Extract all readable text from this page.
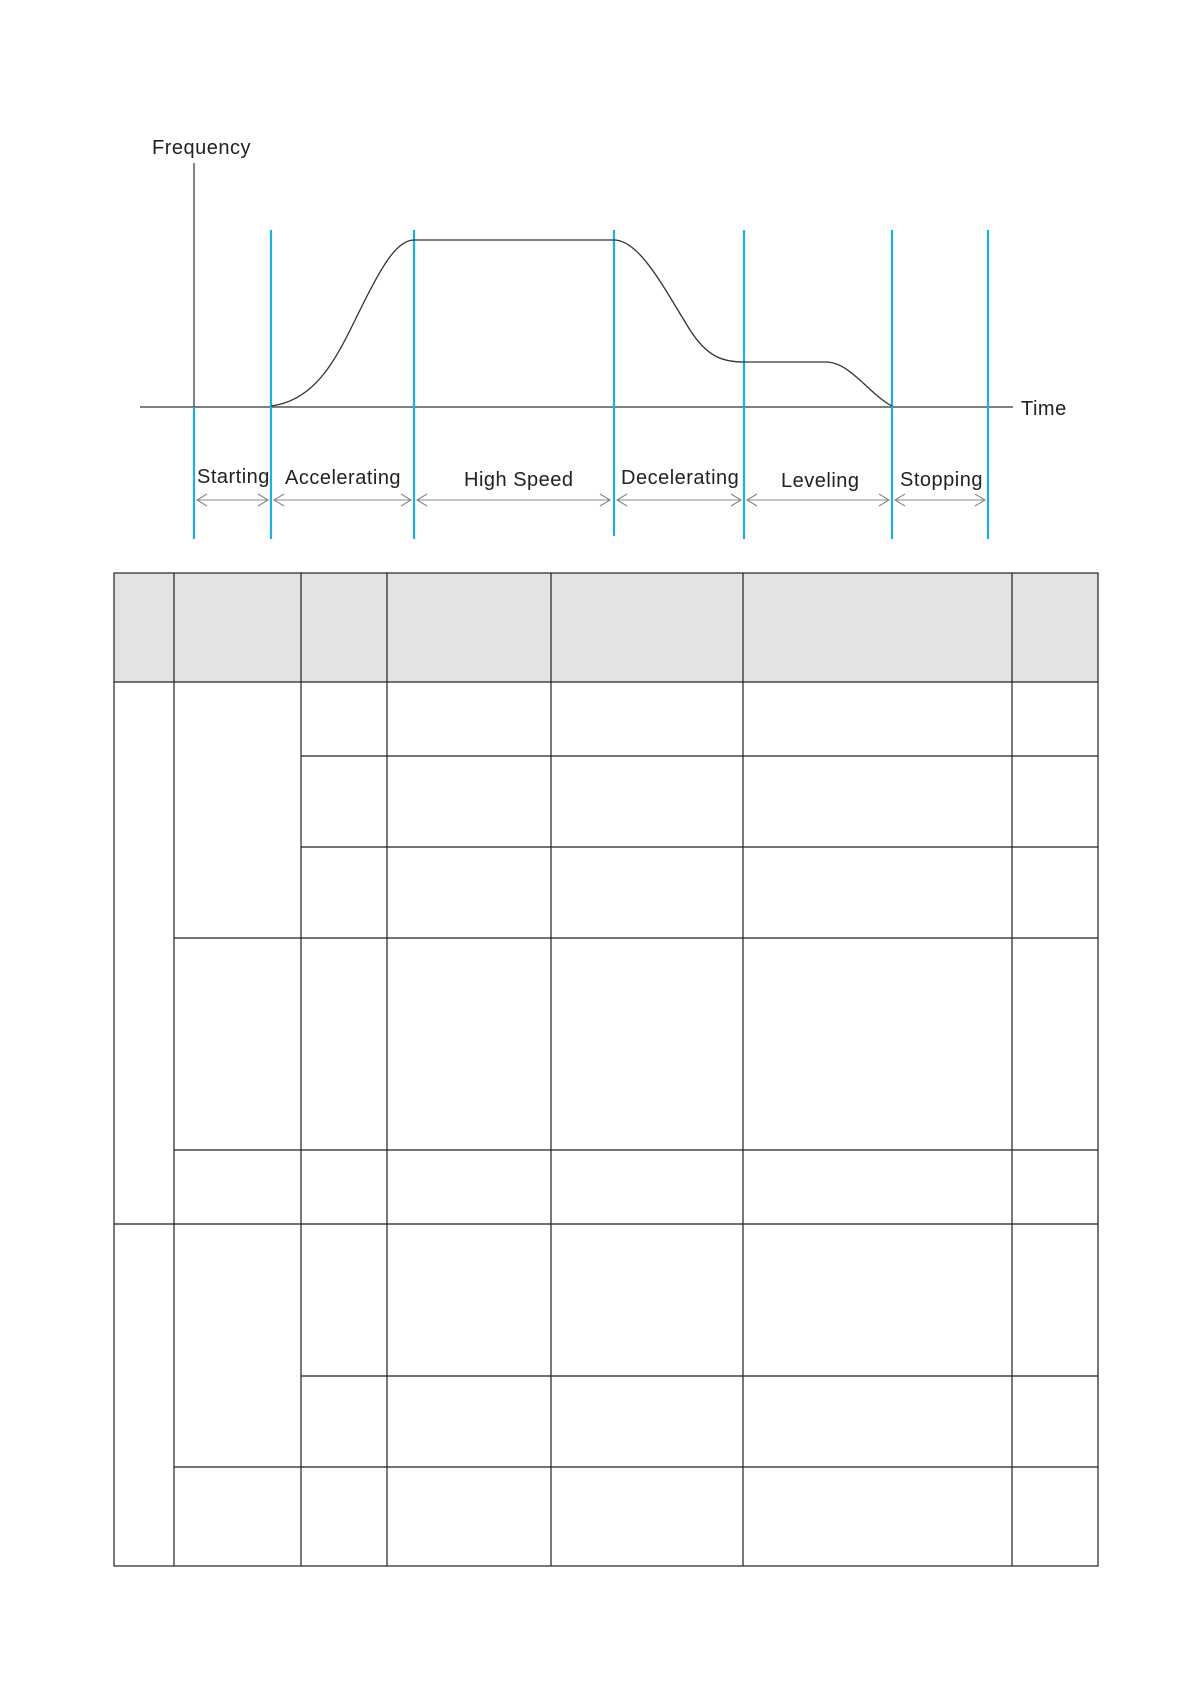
Frequency
Time
Starting Accelerating	High Speed Decelerating Leveling Stopping
